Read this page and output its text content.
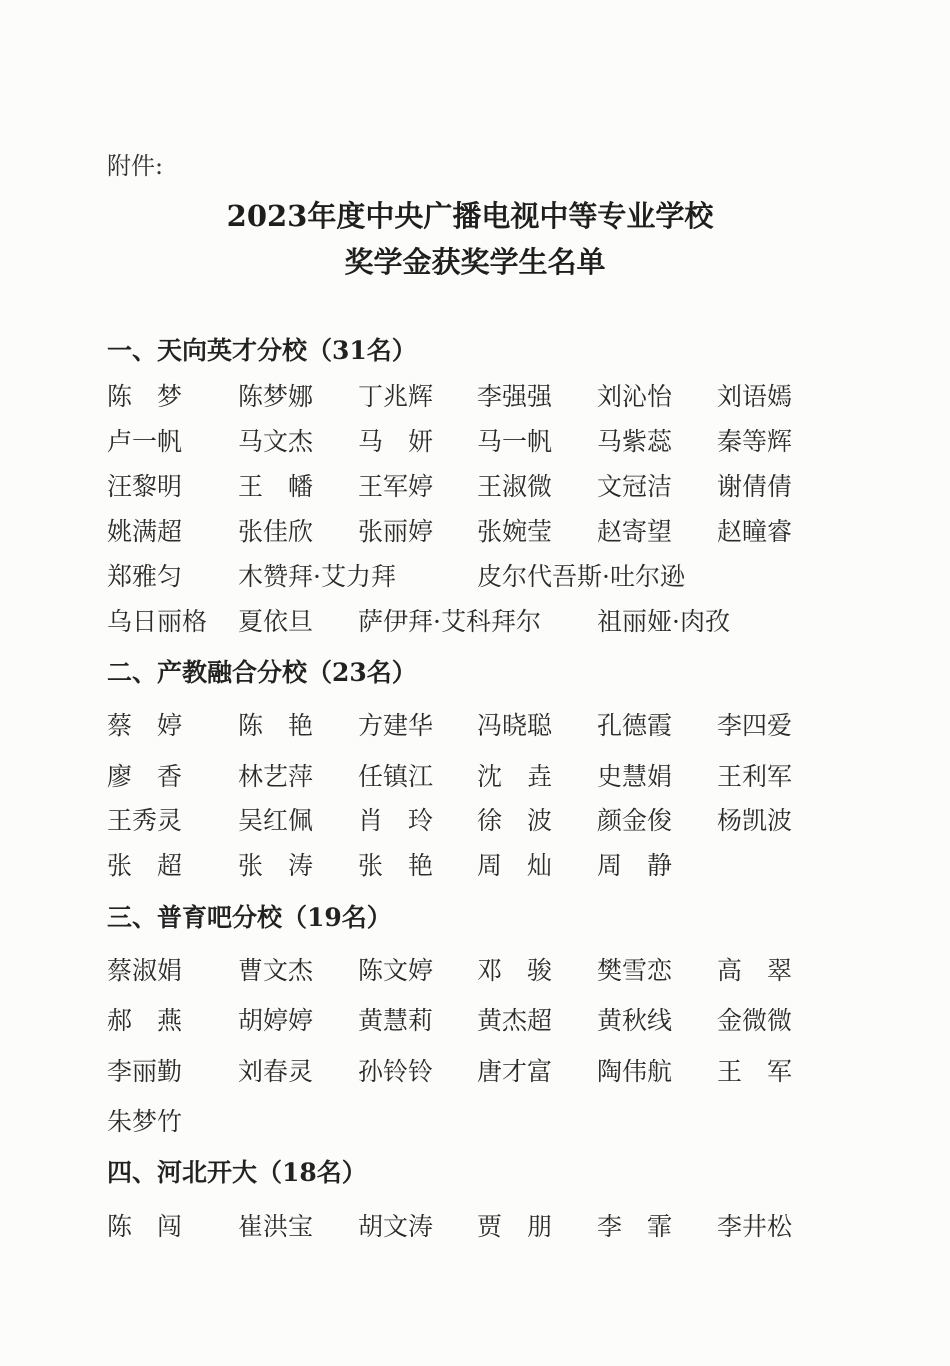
附件:
2023年度中央广播电视中等专业学校
奖学金获奖学生名单
一、天向英才分校（31名）
陈　梦 陈梦娜 丁兆辉 李强强 刘沁怡 刘语嫣
卢一帆 马文杰 马　妍 马一帆 马紫蕊 秦等辉
汪黎明 王　幡 王军婷 王淑微 文冠洁 谢倩倩
姚满超 张佳欣 张丽婷 张婉莹 赵寄望 赵瞳睿
郑雅匀 木赞拜·艾力拜	皮尔代吾斯·吐尔逊
乌日丽格 夏依旦 萨伊拜·艾科拜尔 祖丽娅·肉孜
二、产教融合分校（23名）
蔡　婷 陈　艳 方建华 冯晓聪 孔德霞 李四爱
廖　香 林艺萍 任镇江 沈　垚 史慧娟 王利军
王秀灵 吴红佩 肖　玲 徐　波 颜金俊 杨凯波
张　超 张　涛 张　艳 周　灿 周　静
三、普育吧分校（19名）
蔡淑娟 曹文杰 陈文婷 邓　骏 樊雪恋 高　翠
郝　燕 胡婷婷 黄慧莉 黄杰超 黄秋线 金微微
李丽勤 刘春灵 孙铃铃 唐才富 陶伟航 王　军
朱梦竹
四、河北开大（18名）
陈　闯 崔洪宝 胡文涛 贾　朋 李　霏 李井松
